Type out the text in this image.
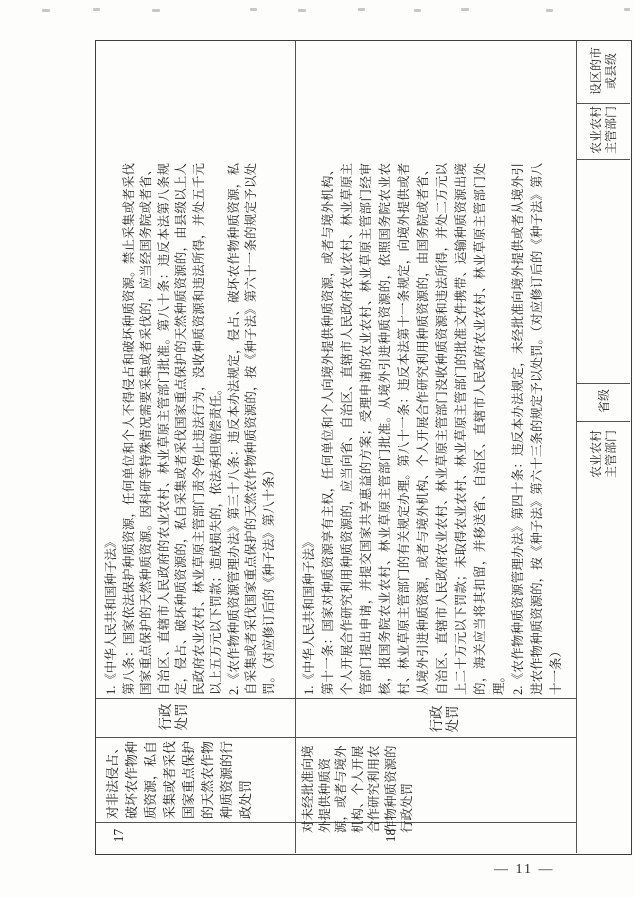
1.《中华人民共和国种子法》
第八条：国家依法保护种质资源，任何单位和个人不得侵占和破坏种质资源。禁止采集或者采伐国家重点保护的天然种质资源。因科研等特殊情况需要采集或者采伐的，应当经国务院或者省、自治区、直辖市人民政府的农业农村、林业草原主管部门批准。第八十条：违反本法第八条规定，侵占、破坏种质资源的，私自采集或者采伐国家重点保护的天然种质资源的，由县级以上人民政府农业农村、林业草原主管部门责令停止违法行为，没收种质资源和违法所得，并处五千元以上五万元以下罚款；造成损失的，依法承担赔偿责任。
2.《农作物种质资源管理办法》第三十八条：违反本办法规定，侵占、破坏农作物种质资源，私自采集或者采伐国家重点保护的天然农作物种质资源的，按《种子法》第六十一条的规定予以处罚。（对应修订后的《种子法》第八十条）
行政处罚
对非法侵占、破坏农作物种质资源，私自采集或者采伐国家重点保护的天然农作物种质资源的行政处罚
17
1.《中华人民共和国种子法》
第十一条：国家对种质资源享有主权，任何单位和个人向境外提供种质资源，或者与境外机构、个人开展合作研究利用种质资源的，应当向省、自治区、直辖市人民政府农业农村、林业草原主管部门提出申请，并提交国家共享惠益的方案；受理申请的农业农村、林业草原主管部门经审核，报国务院农业农村、林业草原主管部门批准。从境外引进种质资源的，依照国务院农业农村、林业草原主管部门的有关规定办理。第八十一条：违反本法第十一条规定，向境外提供或者从境外引进种质资源，或者与境外机构、个人开展合作研究利用种质资源的，由国务院或者省、自治区、直辖市人民政府农业农村、林业草原主管部门没收种质资源和违法所得，并处二万元以上二十万元以下罚款；未取得农业农村、林业草原主管部门的批准文件携带、运输种质资源出境的，海关应当将其扣留，并移送省、自治区、直辖市人民政府农业农村、林业草原主管部门处理。
2.《农作物种质资源管理办法》第四十条：违反本办法规定，未经批准向境外提供或者从境外引进农作物种质资源的，按《种子法》第六十三条的规定予以处罚。（对应修订后的《种子法》第八十一条）
行政处罚
对未经批准向境外提供种质资源，或者与境外机构、个人开展合作研究利用农作物种质资源的行政处罚
18
设区的市或县级
农业农村主管部门
省级
农业农村主管部门
— 11 —
